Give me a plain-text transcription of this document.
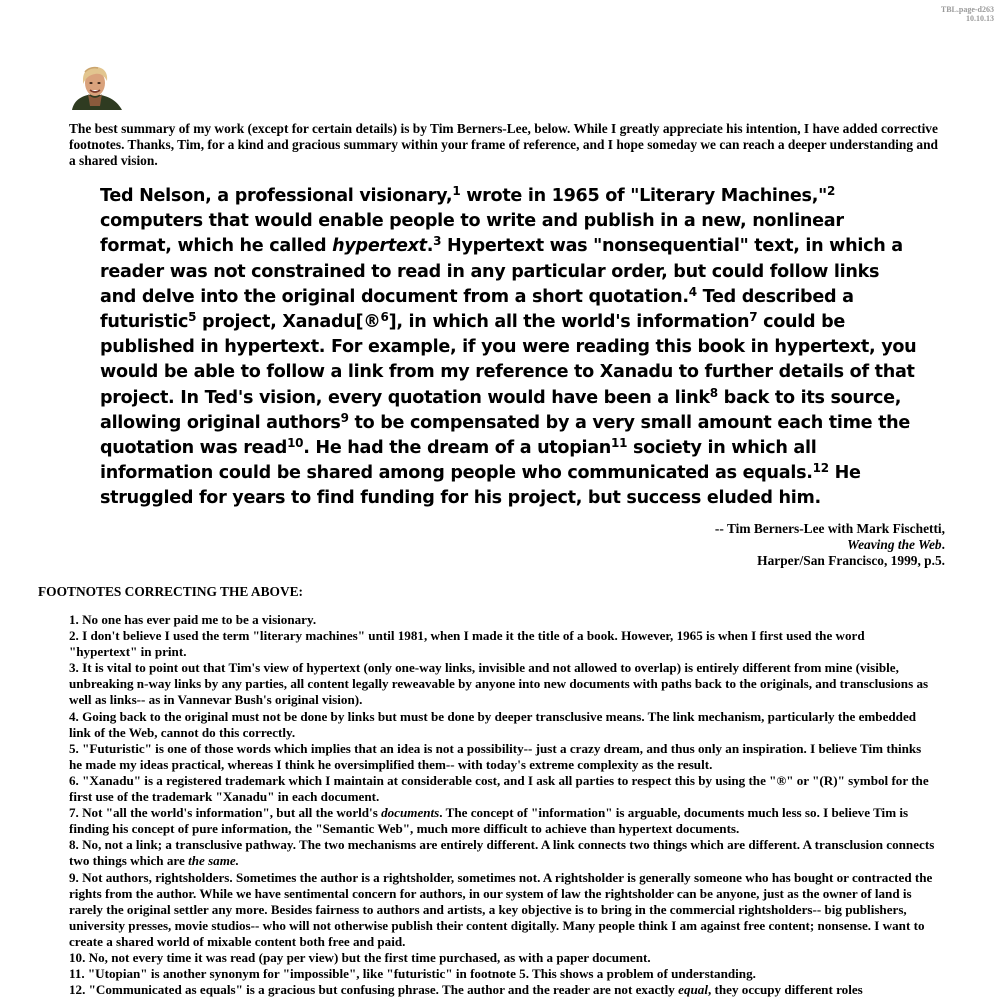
TBL.page-d263
10.10.13
The best summary of my work (except for certain details) is by Tim Berners-Lee, below. While I greatly appreciate his intention, I have added corrective footnotes. Thanks, Tim, for a kind and gracious summary within your frame of reference, and I hope someday we can reach a deeper understanding and a shared vision.
Ted Nelson, a professional visionary,$^1$ wrote in 1965 of "Literary Machines,"$^2$ computers that would enable people to write and publish in a new, nonlinear format, which he called hypertext.$^3$ Hypertext was "nonsequential" text, in which a reader was not constrained to read in any particular order, but could follow links and delve into the original document from a short quotation.$^4$ Ted described a futuristic$^5$ project, Xanadu[®$^6$], in which all the world's information$^7$ could be published in hypertext. For example, if you were reading this book in hypertext, you would be able to follow a link from my reference to Xanadu to further details of that project. In Ted's vision, every quotation would have been a link$^8$ back to its source, allowing original authors$^9$ to be compensated by a very small amount each time the quotation was read$^{10}$. He had the dream of a utopian$^{11}$ society in which all information could be shared among people who communicated as equals.$^{12}$ He struggled for years to find funding for his project, but success eluded him.
-- Tim Berners-Lee with Mark Fischetti,
Weaving the Web.
Harper/San Francisco, 1999, p.5.
FOOTNOTES CORRECTING THE ABOVE:

1. No one has ever paid me to be a visionary.

2. I don't believe I used the term "literary machines" until 1981, when I made it the title of a book. However, 1965 is when I first used the word "hypertext" in print.

3. It is vital to point out that Tim's view of hypertext (only one-way links, invisible and not allowed to overlap) is entirely different from mine (visible, unbreaking n-way links by any parties, all content legally reweavable by anyone into new documents with paths back to the originals, and transclusions as well as links-- as in Vannevar Bush's original vision).

4. Going back to the original must not be done by links but must be done by deeper transclusive means. The link mechanism, particularly the embedded link of the Web, cannot do this correctly.

5. "Futuristic" is one of those words which implies that an idea is not a possibility-- just a crazy dream, and thus only an inspiration. I believe Tim thinks he made my ideas practical, whereas I think he oversimplified them-- with today's extreme complexity as the result.

6. "Xanadu" is a registered trademark which I maintain at considerable cost, and I ask all parties to respect this by using the "®" or "(R)" symbol for the first use of the trademark "Xanadu" in each document.

7. Not "all the world's information", but all the world's documents. The concept of "information" is arguable, documents much less so. I believe Tim is finding his concept of pure information, the "Semantic Web", much more difficult to achieve than hypertext documents.

8. No, not a link; a transclusive pathway. The two mechanisms are entirely different. A link connects two things which are different. A transclusion connects two things which are the same.

9. Not authors, rightsholders. Sometimes the author is a rightsholder, sometimes not. A rightsholder is generally someone who has bought or contracted the rights from the author. While we have sentimental concern for authors, in our system of law the rightsholder can be anyone, just as the owner of land is rarely the original settler any more. Besides fairness to authors and artists, a key objective is to bring in the commercial rightsholders-- big publishers, university presses, movie studios-- who will not otherwise publish their content digitally. Many people think I am against free content; nonsense. I want to create a shared world of mixable content both free and paid.

10. No, not every time it was read (pay per view) but the first time purchased, as with a paper document.

11. "Utopian" is another synonym for "impossible", like "futuristic" in footnote 5. This shows a problem of understanding.

12. "Communicated as equals" is a gracious but confusing phrase. The author and the reader are not exactly equal, they occupy different roles
